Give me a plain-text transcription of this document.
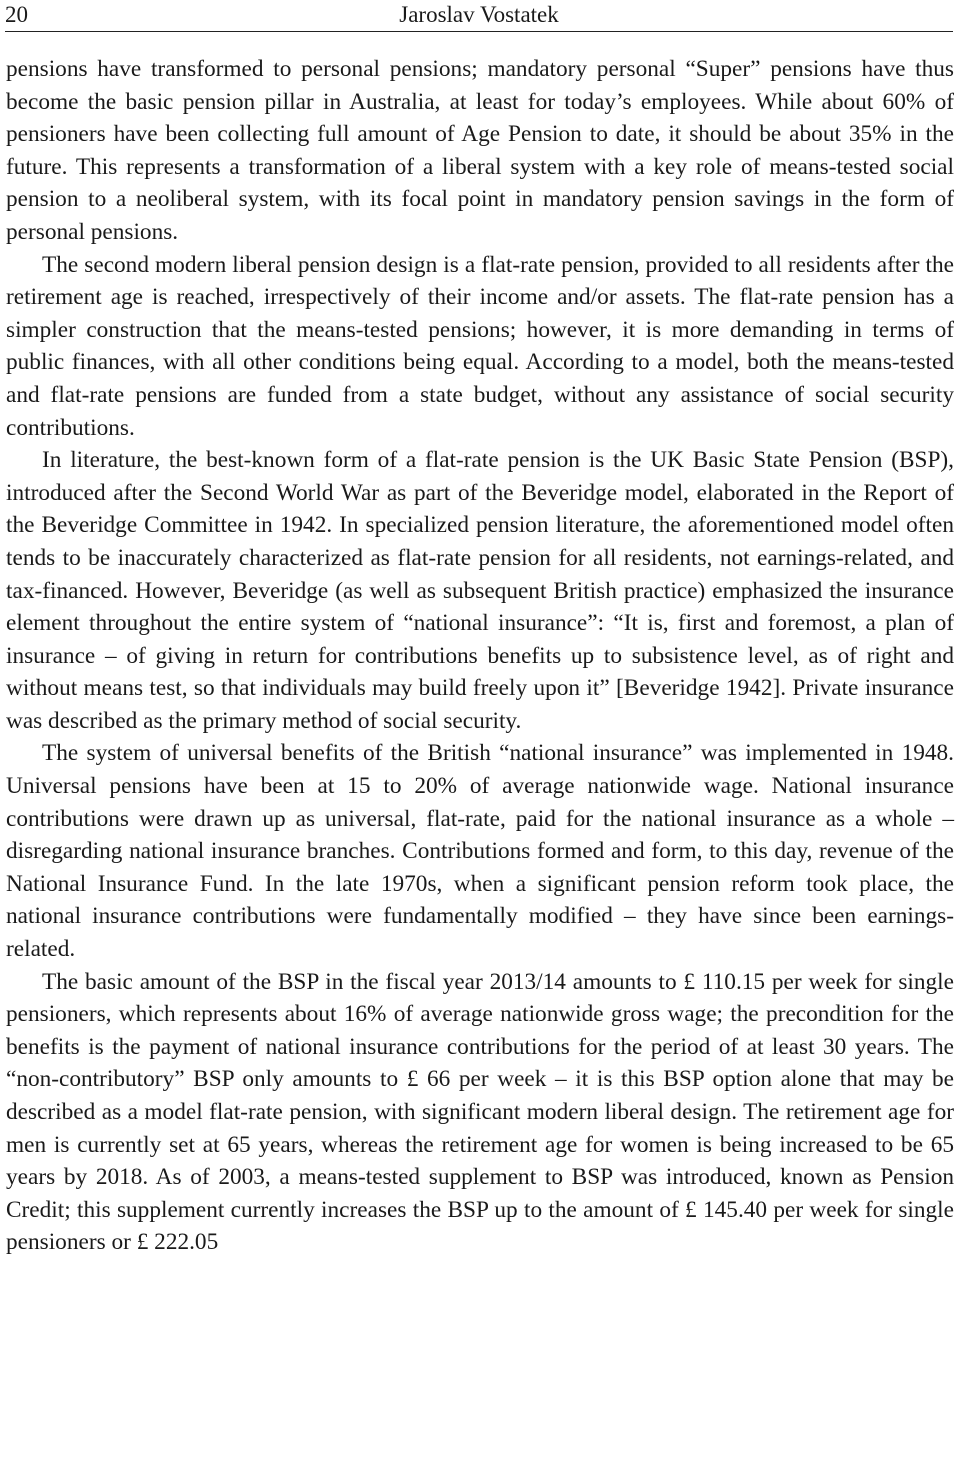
20	Jaroslav Vostatek

pensions have transformed to personal pensions; mandatory personal “Super” pensions have thus become the basic pension pillar in Australia, at least for today’s employees. While about 60% of pensioners have been collecting full amount of Age Pension to date, it should be about 35% in the future. This represents a transformation of a liberal system with a key role of means-tested social pension to a neoliberal system, with its focal point in mandatory pension savings in the form of personal pensions.

The second modern liberal pension design is a flat-rate pension, provided to all residents after the retirement age is reached, irrespectively of their income and/or assets. The flat-rate pension has a simpler construction that the means-tested pensions; however, it is more demanding in terms of public finances, with all other conditions being equal. According to a model, both the means-tested and flat-rate pensions are funded from a state budget, without any assistance of social security contributions.

In literature, the best-known form of a flat-rate pension is the UK Basic State Pension (BSP), introduced after the Second World War as part of the Beveridge model, elaborated in the Report of the Beveridge Committee in 1942. In specialized pension literature, the aforementioned model often tends to be inaccurately characterized as flat-rate pension for all residents, not earnings-related, and tax-financed. However, Beveridge (as well as subsequent British practice) emphasized the insurance element throughout the entire system of “national insurance”: “It is, first and foremost, a plan of insurance – of giving in return for contributions benefits up to subsistence level, as of right and without means test, so that individuals may build freely upon it” [Beveridge 1942]. Private insurance was described as the primary method of social security.

The system of universal benefits of the British “national insurance” was implemented in 1948. Universal pensions have been at 15 to 20% of average nationwide wage. National insurance contributions were drawn up as universal, flat-rate, paid for the national insurance as a whole – disregarding national insurance branches. Contributions formed and form, to this day, revenue of the National Insurance Fund. In the late 1970s, when a significant pension reform took place, the national insurance contributions were fundamentally modified – they have since been earnings-related.

The basic amount of the BSP in the fiscal year 2013/14 amounts to £ 110.15 per week for single pensioners, which represents about 16% of average nationwide gross wage; the precondition for the benefits is the payment of national insurance contributions for the period of at least 30 years. The “non-contributory” BSP only amounts to £ 66 per week – it is this BSP option alone that may be described as a model flat-rate pension, with significant modern liberal design. The retirement age for men is currently set at 65 years, whereas the retirement age for women is being increased to be 65 years by 2018. As of 2003, a means-tested supplement to BSP was introduced, known as Pension Credit; this supplement currently increases the BSP up to the amount of £ 145.40 per week for single pensioners or £ 222.05
